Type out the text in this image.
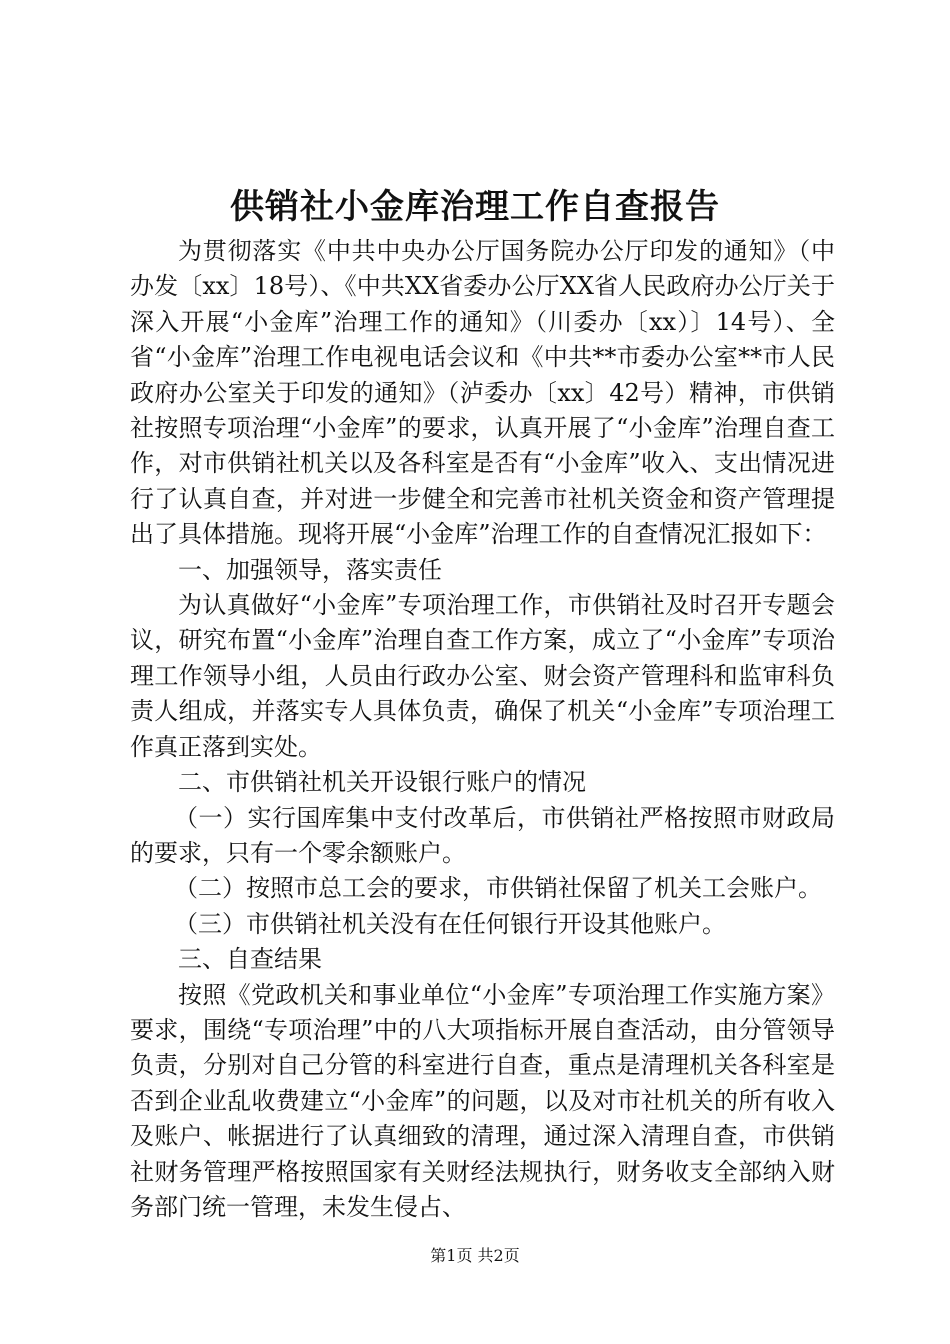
供销社小金库治理工作自查报告

为贯彻落实《中共中央办公厅国务院办公厅印发的通知》（中办发〔xx〕18号）、《中共XX省委办公厅XX省人民政府办公厅关于深入开展“小金库”治理工作的通知》（川委办〔xx）〕14号）、全省“小金库”治理工作电视电话会议和《中共**市委办公室**市人民政府办公室关于印发的通知》（泸委办〔xx〕42号）精神，市供销社按照专项治理“小金库”的要求，认真开展了“小金库”治理自查工作，对市供销社机关以及各科室是否有“小金库”收入、支出情况进行了认真自查，并对进一步健全和完善市社机关资金和资产管理提出了具体措施。现将开展“小金库”治理工作的自查情况汇报如下：

一、加强领导，落实责任

为认真做好“小金库”专项治理工作，市供销社及时召开专题会议，研究布置“小金库”治理自查工作方案，成立了“小金库”专项治理工作领导小组，人员由行政办公室、财会资产管理科和监审科负责人组成，并落实专人具体负责，确保了机关“小金库”专项治理工作真正落到实处。

二、市供销社机关开设银行账户的情况

（一）实行国库集中支付改革后，市供销社严格按照市财政局的要求，只有一个零余额账户。

（二）按照市总工会的要求，市供销社保留了机关工会账户。

（三）市供销社机关没有在任何银行开设其他账户。

三、自查结果

按照《党政机关和事业单位“小金库”专项治理工作实施方案》要求，围绕“专项治理”中的八大项指标开展自查活动，由分管领导负责，分别对自己分管的科室进行自查，重点是清理机关各科室是否到企业乱收费建立“小金库”的问题，以及对市社机关的所有收入及账户、帐据进行了认真细致的清理，通过深入清理自查，市供销社财务管理严格按照国家有关财经法规执行，财务收支全部纳入财务部门统一管理，未发生侵占、

第1页 共2页
